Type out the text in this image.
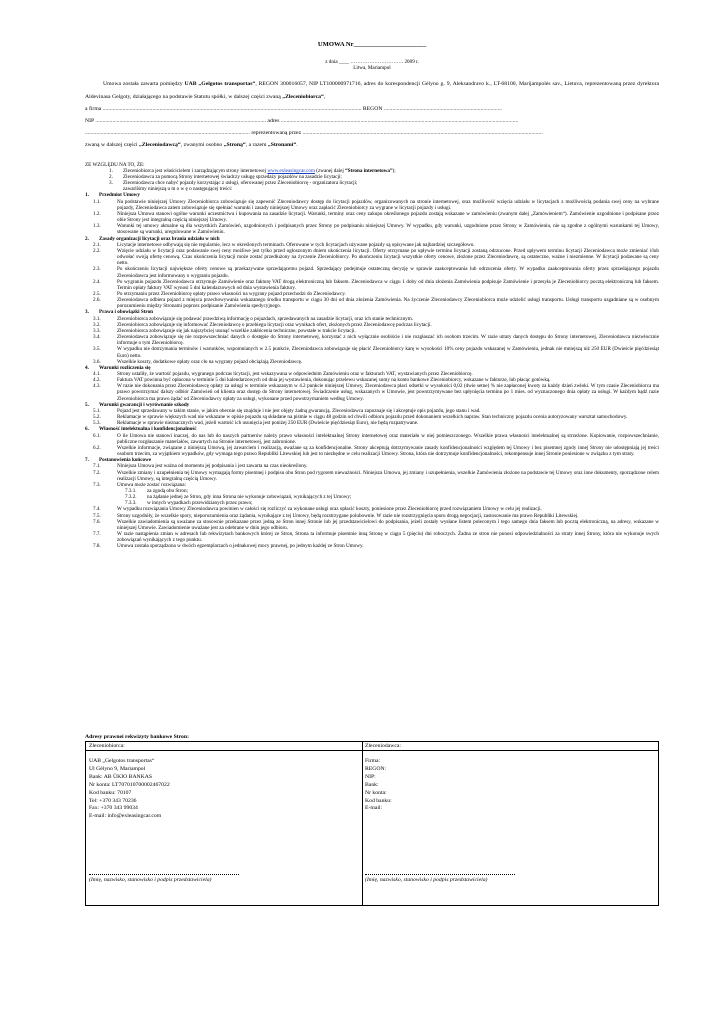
UMOWA Nr______________________
z dnia ____ …………………………. 2009 r.
Litwa, Mariampol
Umowa została zawarta pomiędzy UAB „Gelgotos transportas“, REGON 300016057, NIP LT100000971716, adres do korespondencji Gėlyno g. 9, Aleksandravo k., LT-68100, Marijampolės sav., Lietuva, reprezentowaną przez dyrektora Aldevinasa Gelgoty, działającego na podstawie Statutu spółki, w dalszej części zwaną „Zleceniobiorca“,
a firma ...................................................................................................................................................................................... REGON ...................................................................................
NIP ........................................................................................................................ adres .......................................................................................................................................................................
.................................................................................................................... reprezentowaną przez .........................................................................................................................................................................
zwaną w dalszej części „Zleceniodawcą“, zwanymi osobno „Stroną“, a razem „Stronami“.
ZE WZGLĘDU NA TO, ŻE:
1.	Zleceniobiorca jest właścicielem i zarządzającym strony internetowej www.exleasingcar.com (zwanej dalej “Strona internetowa”);
2.	Zleceniodawca za pomocą Strony internetowej świadczy usługę sprzedaży pojazdów na zasadzie licytacji;
3.	Zleceniodawca chce nabyć pojazdy korzystając z usługi, oferowanej przez Zleceniobiorcę - organizatora licytacji;
zawarliśmy niniejszą u m o w ę o następującej treści:
1.	Przedmiot Umowy
1.1.	Na podstawie niniejszej Umowy Zleceniobiorca zobowiązuje się zapewnić Zleceniodawcy dostęp do licytacji pojazdów, organizowanych na stronie internetowej, oraz możliwość wzięcia udziału w licytacjach z możliwością podania swej ceny na wybrane pojazdy, Zleceniodawca zatem zobowiązuje się spełniać warunki i zasady niniejszej Umowy oraz zapłacić Zleceniobiorcy za wygrane w licytacji pojazdy i usługi.
1.2.	Niniejsza Umowa stanowi ogólne warunki uczestnictwa i kupowania na zasadzie licytacji. Warunki, terminy oraz ceny zakupu określonego pojazdu zostają wskazane w zamówieniu (zwanym dalej „Zamówieniem“). Zamówienie uzgodnione i podpisane przez obie Strony jest integralną częścią niniejszej Umowy.
1.3.	Warunki tej umowy aktualne są dla wszystkich Zamówień, uzgodnionych i podpisanych przez Strony po podpisaniu niniejszej Umowy. W wypadku, gdy warunki, uzgodnione przez Strony w Zamówieniu, nie są zgodne z ogólnymi warunkami tej Umowy, stosowane są warunki, uregulowane w Zamówieniu.
2.	Zasady organizacji licytacji oraz brania udziału w nich
2.1.	Licytacje internetowe odbywają się nie regularnie, lecz w określonych terminach. Oferowane w tych licytacjach używane pojazdy są opisywane jak najbardziej szczegółowo.
2.2.	Wzięcie udziału w licytacji oraz podawanie swej ceny możliwe jest tylko przed ogłoszonym dniem ukończenia licytacji. Oferty otrzymane po upływie terminu licytacji zostaną odrzucone. Przed upływem terminu licytacji Zleceniodawca może zmieniać i/lub odwołać swoją ofertę cenową. Czas ukończenia licytacji może zostać przedłużony na życzenie Zleceniobiorcy. Po ukończeniu licytacji wszystkie oferty cenowe, złożone przez Zleceniodawcę, są ostateczne, ważne i niezmienne. W licytacji podawane są ceny netto.
2.3.	Po ukończeniu licytacji największe oferty cenowe są przekazywane sprzedającemu pojazd. Sprzedający podejmuje ostateczną decyzję w sprawie zaakceptowania lub odrzucenia oferty. W wypadku zaakceptowania oferty przez sprzedającego pojazdu Zleceniodawca jest informowany o wygraniu pojazdu.
2.4.	Po wygraniu pojazdu Zleceniodawca otrzymuje Zamówienie oraz fakturę VAT drogą elektroniczną lub faksem. Zleceniodawca w ciągu 1 doby od dnia złożenia Zamówienia podpisuje Zamówienie i przesyła je Zleceniobiorcy pocztą elektroniczną lub faksem. Termin opłaty faktury VAT wynosi 5 dni kalendarzowych od dnia wystawienia faktury.
2.5.	Po otrzymaniu przez Zleceniobiorcę opłaty prawo własności na wygrany pojazd przechodzi do Zleceniodawcy.
2.6.	Zleceniodawca odbiera pojazd z miejsca przechowywania wskazanego środku transportu w ciągu 30 dni od dnia złożenia Zamówienia. Na życzenie Zleceniodawcy Zleceniobiorca może udzielić usługi transportu. Usługi transportu uzgadniane są w osobnym porozumieniu między Stronami poprzez podpisanie Zamówienia spedycyjnego.
3.	Prawa i obowiązki Stron
3.1.	Zleceniobiorca zobowiązuje się podawać prawdziwą informację o pojazdach, sprzedawanych na zasadzie licytacji, oraz ich stanie technicznym.
3.2.	Zleceniobiorca zobowiązuje się informować Zleceniodawcę o przebiegu licytacji oraz wynikach ofert, złożonych przez Zleceniodawcę podczas licytacji.
3.3.	Zleceniobiorca zobowiązuje się jak najszybciej usunąć wszelkie zakłócenia techniczne, powstałe w trakcie licytacji.
3.4.	Zleceniodawca zobowiązuje się nie rozpowszechniać danych o dostępie do Strony internetowej, korzystać z nich wyłącznie osobiście i nie rozgłaszać ich osobom trzecim. W razie utraty danych dostępu do Strony internetowej, Zleceniodawca niezwłocznie informuje o tym Zleceniobiorcę.
3.5.	W wypadku nie dotrzymania terminów i warunków, wspomnianych w 2.5 punkcie, Zleceniodawca zobowiązuje się płacić Zleceniobiorcy karę w wysokości 10% ceny pojazdu wskazanej w Zamówieniu, jednak nie mniejszą niż 250 EUR (Dwieście pięćdziesiąt Euro) netto.
3.6.	Wszelkie koszty, dodatkowe opłaty oraz cło na wygrany pojazd obciążają Zleceniodawcę.
4.	Warunki rozliczenia się
4.1.	Strony ustaliły, że wartość pojazdu, wygranego podczas licytacji, jest wskazywana w odpowiednim Zamówieniu oraz w fakturach VAT, wystawianych przez Zleceniobiorcę.
4.2.	Faktura VAT powinna być opłacona w terminie 5 dni kalendarzowych od dnia jej wystawienia, dokonując przelewu wskazanej sumy na konto bankowe Zleceniobiorcy, wskazane w fakturze, lub płacąc gotówką.
4.3.	W razie nie dokonania przez Zleceniodawcę opłaty za usługi w terminie wskazanym w 4.2 punkcie niniejszej Umowy, Zleceniodawca płaci odsetki w wysokości 0,02 (dwie setne) % nie zapłaconej kwoty za każdy dzień zwłoki. W tym czasie Zleceniobiorca ma prawo powstrzymać dalszy odbiór Zamówień od klienta oraz dostęp do Strony internetowej. Świadczenie usług, wskazanych w Umowie, jest powstrzymywane bez upłynięcia terminu po 1 mies. od wyznaczonego dnia opłaty za usługi. W każdym bądź razie Zleceniobiorca ma prawo żądać od Zleceniodawcy opłaty za usługi, wykonane przed powstrzymaniem według Umowy.
5.	Warunki gwarancji i wyrównanie szkody
5.1.	Pojazd jest sprzedawany w takim stanie, w jakim obecnie się znajduje i nie jest objęty żadną gwarancją. Zleceniodawca zapoznaje się i akceptuje opis pojazdu, jego stanu i wad.
5.2.	Reklamacje w sprawie większych wad nie wskazane w opisie pojazdu są składane na piśmie w ciągu 48 godzin od chwili odbioru pojazdu przed dokonaniem wszelkich napraw. Stan techniczny pojazdu ocenia autoryzowany warsztat samochodowy.
5.3.	Reklamacje w sprawie nieznacznych wad, jeżeli wartość ich usunięcia jest poniżej 250 EUR (Dwieście pięćdziesiąt Euro), nie będą rozpatrywane.
6.	Własność intelektualna i konfidencjonalność
6.1.	O ile Umowa nie stanowi inaczej, do nas lub do naszych partnerów należy prawo własności intelektualnej Strony internetowej oraz materiału w niej pomieszczonego. Wszelkie prawa własności intelektualnej są strzeżone. Kopiowanie, rozpowszechnianie, publiczne rozgłaszanie materiałów, zawartych na Stronie internetowej, jest zabronione.
6.2.	Wszelkie informacje, związane z niniejszą Umową, jej zawarciem i realizacją, uważane są za konfidencjonalne. Strony akceptują dotrzymywanie zasady konfidencjonalności względem tej Umowy i bez pisemnej zgody innej Strony nie udostępniają jej treści osobom trzecim, za wyjątkiem wypadków, gdy wymaga tego prawo Republiki Litewskiej lub jest to niezbędne w celu realizacji Umowy. Strona, która nie dotrzymuje konfidencjonalności, rekompensuje innej Stronie poniesione w związku z tym straty.
7.	Postanowienia końcowe
7.1.	Niniejsza Umowa jest ważna od momentu jej podpisania i jest zawarta na czas nieokreślony.
7.2.	Wszelkie zmiany i uzupełnienia tej Umowy wymagają formy pisemnej i podpisu obu Stron pod rygorem nieważności. Niniejsza Umowa, jej zmiany i uzupełnienia, wszelkie Zamówienia złożone na podstawie tej Umowy oraz inne dokumenty, sporządzone celem realizacji Umowy, są integralną częścią Umowy.
7.3.	Umowa może zostać rozwiązana:
7.3.1.	za zgodą obu Stron;
7.3.2.	na żądanie jednej ze Stron, gdy inna Strona nie wykonuje zobowiązań, wynikających z tej Umowy;
7.3.3.	w innych wypadkach przewidzianych przez prawo;
7.4.	W wypadku rozwiązania Umowy Zleceniodawca powinien w całości się rozliczyć za wykonane usługi oraz opłacić koszty, poniesione przez Zleceniobiorcę przed rozwiązaniem Umowy w celu jej realizacji.
7.5.	Strony uzgodniły, że wszelkie spory, nieporozumienia oraz żądania, wynikające z tej Umowy, będą rozstrzygane polubownie. W razie nie rozstrzygnięcia sporu drogą negocjacji, zastosowanie ma prawo Republiki Litewskiej.
7.6.	Wszelkie zawiadomienia są uważane za stosownie przekazane przez jedną ze Stron innej Stronie lub jej przedstawicielowi do podpisania, jeżeli zostały wysłane listem poleconym i tego samego dnia faksem lub pocztą elektroniczną, na adresy, wskazane w niniejszej Umowie. Zawiadomienie uważane jest za odebrane w dniu jego odbioru.
7.7.	W razie nastąpienia zmian w adresach lub rekwizytach bankowych której ze Stron, Strona ta informuje pisemnie inną Stronę w ciągu 5 (pięciu) dni roboczych. Żadna ze stron nie ponosi odpowiedzialności za straty innej Strony, która nie wykonuje swych zobowiązań wynikających z tego punktu.
7.8.	Umowa została sporządzona w dwóch egzemplarzach o jednakowej mocy prawnej, po jednym każdej ze Stron Umowy.
Adresy prawnei rekwizyty bankowe Stron:
Zleceniobiorca:
UAB „Gelgotos transportas“
Ul Gėlyno 9, Mariampol
Bank: AB ŪKIO BANKAS
Nr konta: LT707010700002467022
Kod banku: 70107
Tel: +370 343 70236
Fax: +370 343 99034
E-mail: info@exleasingcar.com
(Imię, nazwisko, stanowisko i podpis przedstawiciela)
Zleceniodawca:
Firma:
REGON:
NIP:
Bank:
Nr konta:
Kod banku:
E-mail:
(Imię, nazwisko, stanowisko i podpis przedstawiciela)
